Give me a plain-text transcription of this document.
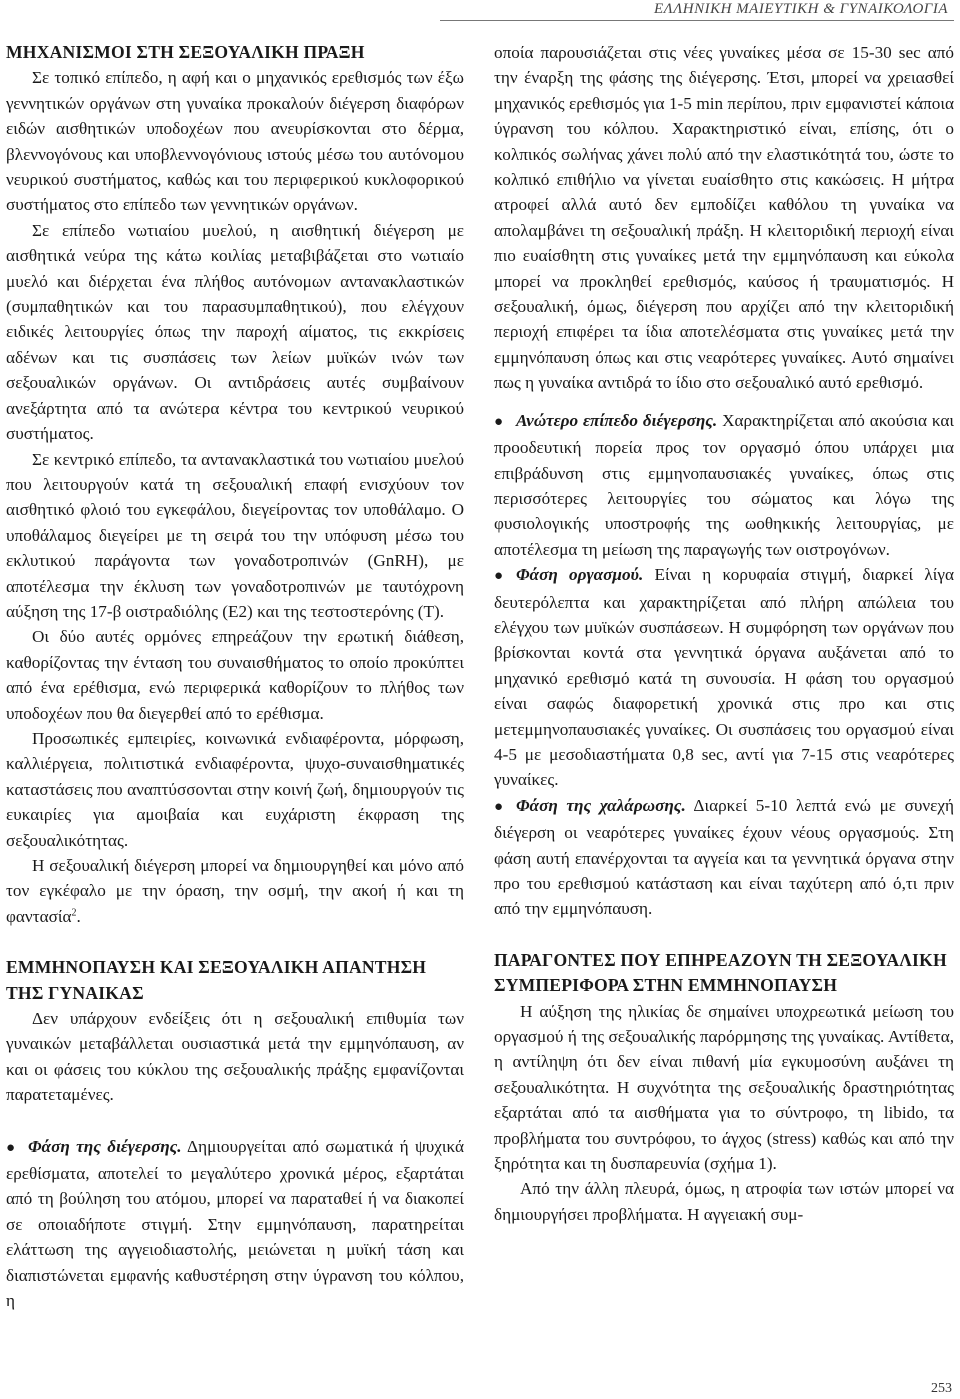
ΕΛΛΗΝΙΚΗ ΜΑΙΕΥΤΙΚΗ & ΓΥΝΑΙΚΟΛΟΓΙΑ
ΜΗΧΑΝΙΣΜΟΙ ΣΤΗ ΣΕΞΟΥΑΛΙΚΗ ΠΡΑΞΗ

Σε τοπικό επίπεδο, η αφή και ο μηχανικός ερεθισμός των έξω γεννητικών οργάνων στη γυναίκα προκαλούν διέγερση διαφόρων ειδών αισθητικών υποδοχέων που ανευρίσκονται στο δέρμα, βλεννογόνους και υποβλεννογόνιους ιστούς μέσω του αυτόνομου νευρικού συστήματος, καθώς και του περιφερικού κυκλοφορικού συστήματος στο επίπεδο των γεννητικών οργάνων.

Σε επίπεδο νωτιαίου μυελού, η αισθητική διέγερση με αισθητικά νεύρα της κάτω κοιλίας μεταβιβάζεται στο νωτιαίο μυελό και διέρχεται ένα πλήθος αυτόνομων αντανακλαστικών (συμπαθητικών και του παρασυμπαθητικού), που ελέγχουν ειδικές λειτουργίες όπως την παροχή αίματος, τις εκκρίσεις αδένων και τις συσπάσεις των λείων μυϊκών ινών των σεξουαλικών οργάνων. Οι αντιδράσεις αυτές συμβαίνουν ανεξάρτητα από τα ανώτερα κέντρα του κεντρικού νευρικού συστήματος.

Σε κεντρικό επίπεδο, τα αντανακλαστικά του νωτιαίου μυελού που λειτουργούν κατά τη σεξουαλική επαφή ενισχύουν τον αισθητικό φλοιό του εγκεφάλου, διεγείροντας τον υποθάλαμο. Ο υποθάλαμος διεγείρει με τη σειρά του την υπόφυση μέσω του εκλυτικού παράγοντα των γοναδοτροπινών (GnRH), με αποτέλεσμα την έκλυση των γοναδοτροπινών με ταυτόχρονη αύξηση της 17-β οιστραδιόλης (E2) και της τεστοστερόνης (T).

Οι δύο αυτές ορμόνες επηρεάζουν την ερωτική διάθεση, καθορίζοντας την ένταση του συναισθήματος το οποίο προκύπτει από ένα ερέθισμα, ενώ περιφερικά καθορίζουν το πλήθος των υποδοχέων που θα διεγερθεί από το ερέθισμα.

Προσωπικές εμπειρίες, κοινωνικά ενδιαφέροντα, μόρφωση, καλλιέργεια, πολιτιστικά ενδιαφέροντα, ψυχο-συναισθηματικές καταστάσεις που αναπτύσσονται στην κοινή ζωή, δημιουργούν τις ευκαιρίες για αμοιβαία και ευχάριστη έκφραση της σεξουαλικότητας.

Η σεξουαλική διέγερση μπορεί να δημιουργηθεί και μόνο από τον εγκέφαλο με την όραση, την οσμή, την ακοή ή και τη φαντασία$^2$.

ΕΜΜΗΝΟΠΑΥΣΗ ΚΑΙ ΣΕΞΟΥΑΛΙΚΗ ΑΠΑΝΤΗΣΗ ΤΗΣ ΓΥΝΑΙΚΑΣ

Δεν υπάρχουν ενδείξεις ότι η σεξουαλική επιθυμία των γυναικών μεταβάλλεται ουσιαστικά μετά την εμμηνόπαυση, αν και οι φάσεις του κύκλου της σεξουαλικής πράξης εμφανίζονται παρατεταμένες.

● Φάση της διέγερσης. Δημιουργείται από σωματικά ή ψυχικά ερεθίσματα, αποτελεί το μεγαλύτερο χρονικά μέρος, εξαρτάται από τη βούληση του ατόμου, μπορεί να παραταθεί ή να διακοπεί σε οποιαδήποτε στιγμή. Στην εμμηνόπαυση, παρατηρείται ελάττωση της αγγειοδιαστολής, μειώνεται η μυϊκή τάση και διαπιστώνεται εμφανής καθυστέρηση στην ύγρανση του κόλπου, η

οποία παρουσιάζεται στις νέες γυναίκες μέσα σε 15-30 sec από την έναρξη της φάσης της διέγερσης. Έτσι, μπορεί να χρειασθεί μηχανικός ερεθισμός για 1-5 min περίπου, πριν εμφανιστεί κάποια ύγρανση του κόλπου. Χαρακτηριστικό είναι, επίσης, ότι ο κολπικός σωλήνας χάνει πολύ από την ελαστικότητά του, ώστε το κολπικό επιθήλιο να γίνεται ευαίσθητο στις κακώσεις. Η μήτρα ατροφεί αλλά αυτό δεν εμποδίζει καθόλου τη γυναίκα να απολαμβάνει τη σεξουαλική πράξη. Η κλειτοριδική περιοχή είναι πιο ευαίσθητη στις γυναίκες μετά την εμμηνόπαυση και εύκολα μπορεί να προκληθεί ερεθισμός, καύσος ή τραυματισμός. Η σεξουαλική, όμως, διέγερση που αρχίζει από την κλειτοριδική περιοχή επιφέρει τα ίδια αποτελέσματα στις γυναίκες μετά την εμμηνόπαυση όπως και στις νεαρότερες γυναίκες. Αυτό σημαίνει πως η γυναίκα αντιδρά το ίδιο στο σεξουαλικό αυτό ερεθισμό.

● Ανώτερο επίπεδο διέγερσης. Χαρακτηρίζεται από ακούσια και προοδευτική πορεία προς τον οργασμό όπου υπάρχει μια επιβράδυνση στις εμμηνοπαυσιακές γυναίκες, όπως στις περισσότερες λειτουργίες του σώματος και λόγω της φυσιολογικής υποστροφής της ωοθηκικής λειτουργίας, με αποτέλεσμα τη μείωση της παραγωγής των οιστρογόνων.

● Φάση οργασμού. Είναι η κορυφαία στιγμή, διαρκεί λίγα δευτερόλεπτα και χαρακτηρίζεται από πλήρη απώλεια του ελέγχου των μυϊκών συσπάσεων. Η συμφόρηση των οργάνων που βρίσκονται κοντά στα γεννητικά όργανα αυξάνεται από το μηχανικό ερεθισμό κατά τη συνουσία. Η φάση του οργασμού είναι σαφώς διαφορετική χρονικά στις προ και στις μετεμμηνοπαυσιακές γυναίκες. Οι συσπάσεις του οργασμού είναι 4-5 με μεσοδιαστήματα 0,8 sec, αντί για 7-15 στις νεαρότερες γυναίκες.

● Φάση της χαλάρωσης. Διαρκεί 5-10 λεπτά ενώ με συνεχή διέγερση οι νεαρότερες γυναίκες έχουν νέους οργασμούς. Στη φάση αυτή επανέρχονται τα αγγεία και τα γεννητικά όργανα στην προ του ερεθισμού κατάσταση και είναι ταχύτερη από ό,τι πριν από την εμμηνόπαυση.

ΠΑΡΑΓΟΝΤΕΣ ΠΟΥ ΕΠΗΡΕΑΖΟΥΝ ΤΗ ΣΕΞΟΥΑΛΙΚΗ ΣΥΜΠΕΡΙΦΟΡΑ ΣΤΗΝ ΕΜΜΗΝΟΠΑΥΣΗ

Η αύξηση της ηλικίας δε σημαίνει υποχρεωτικά μείωση του οργασμού ή της σεξουαλικής παρόρμησης της γυναίκας. Αντίθετα, η αντίληψη ότι δεν είναι πιθανή μία εγκυμοσύνη αυξάνει τη σεξουαλικότητα. Η συχνότητα της σεξουαλικής δραστηριότητας εξαρτάται από τα αισθήματα για το σύντροφο, τη libido, τα προβλήματα του συντρόφου, το άγχος (stress) καθώς και από την ξηρότητα και τη δυσπαρευνία (σχήμα 1).

Από την άλλη πλευρά, όμως, η ατροφία των ιστών μπορεί να δημιουργήσει προβλήματα. Η αγγειακή συμ-

253
